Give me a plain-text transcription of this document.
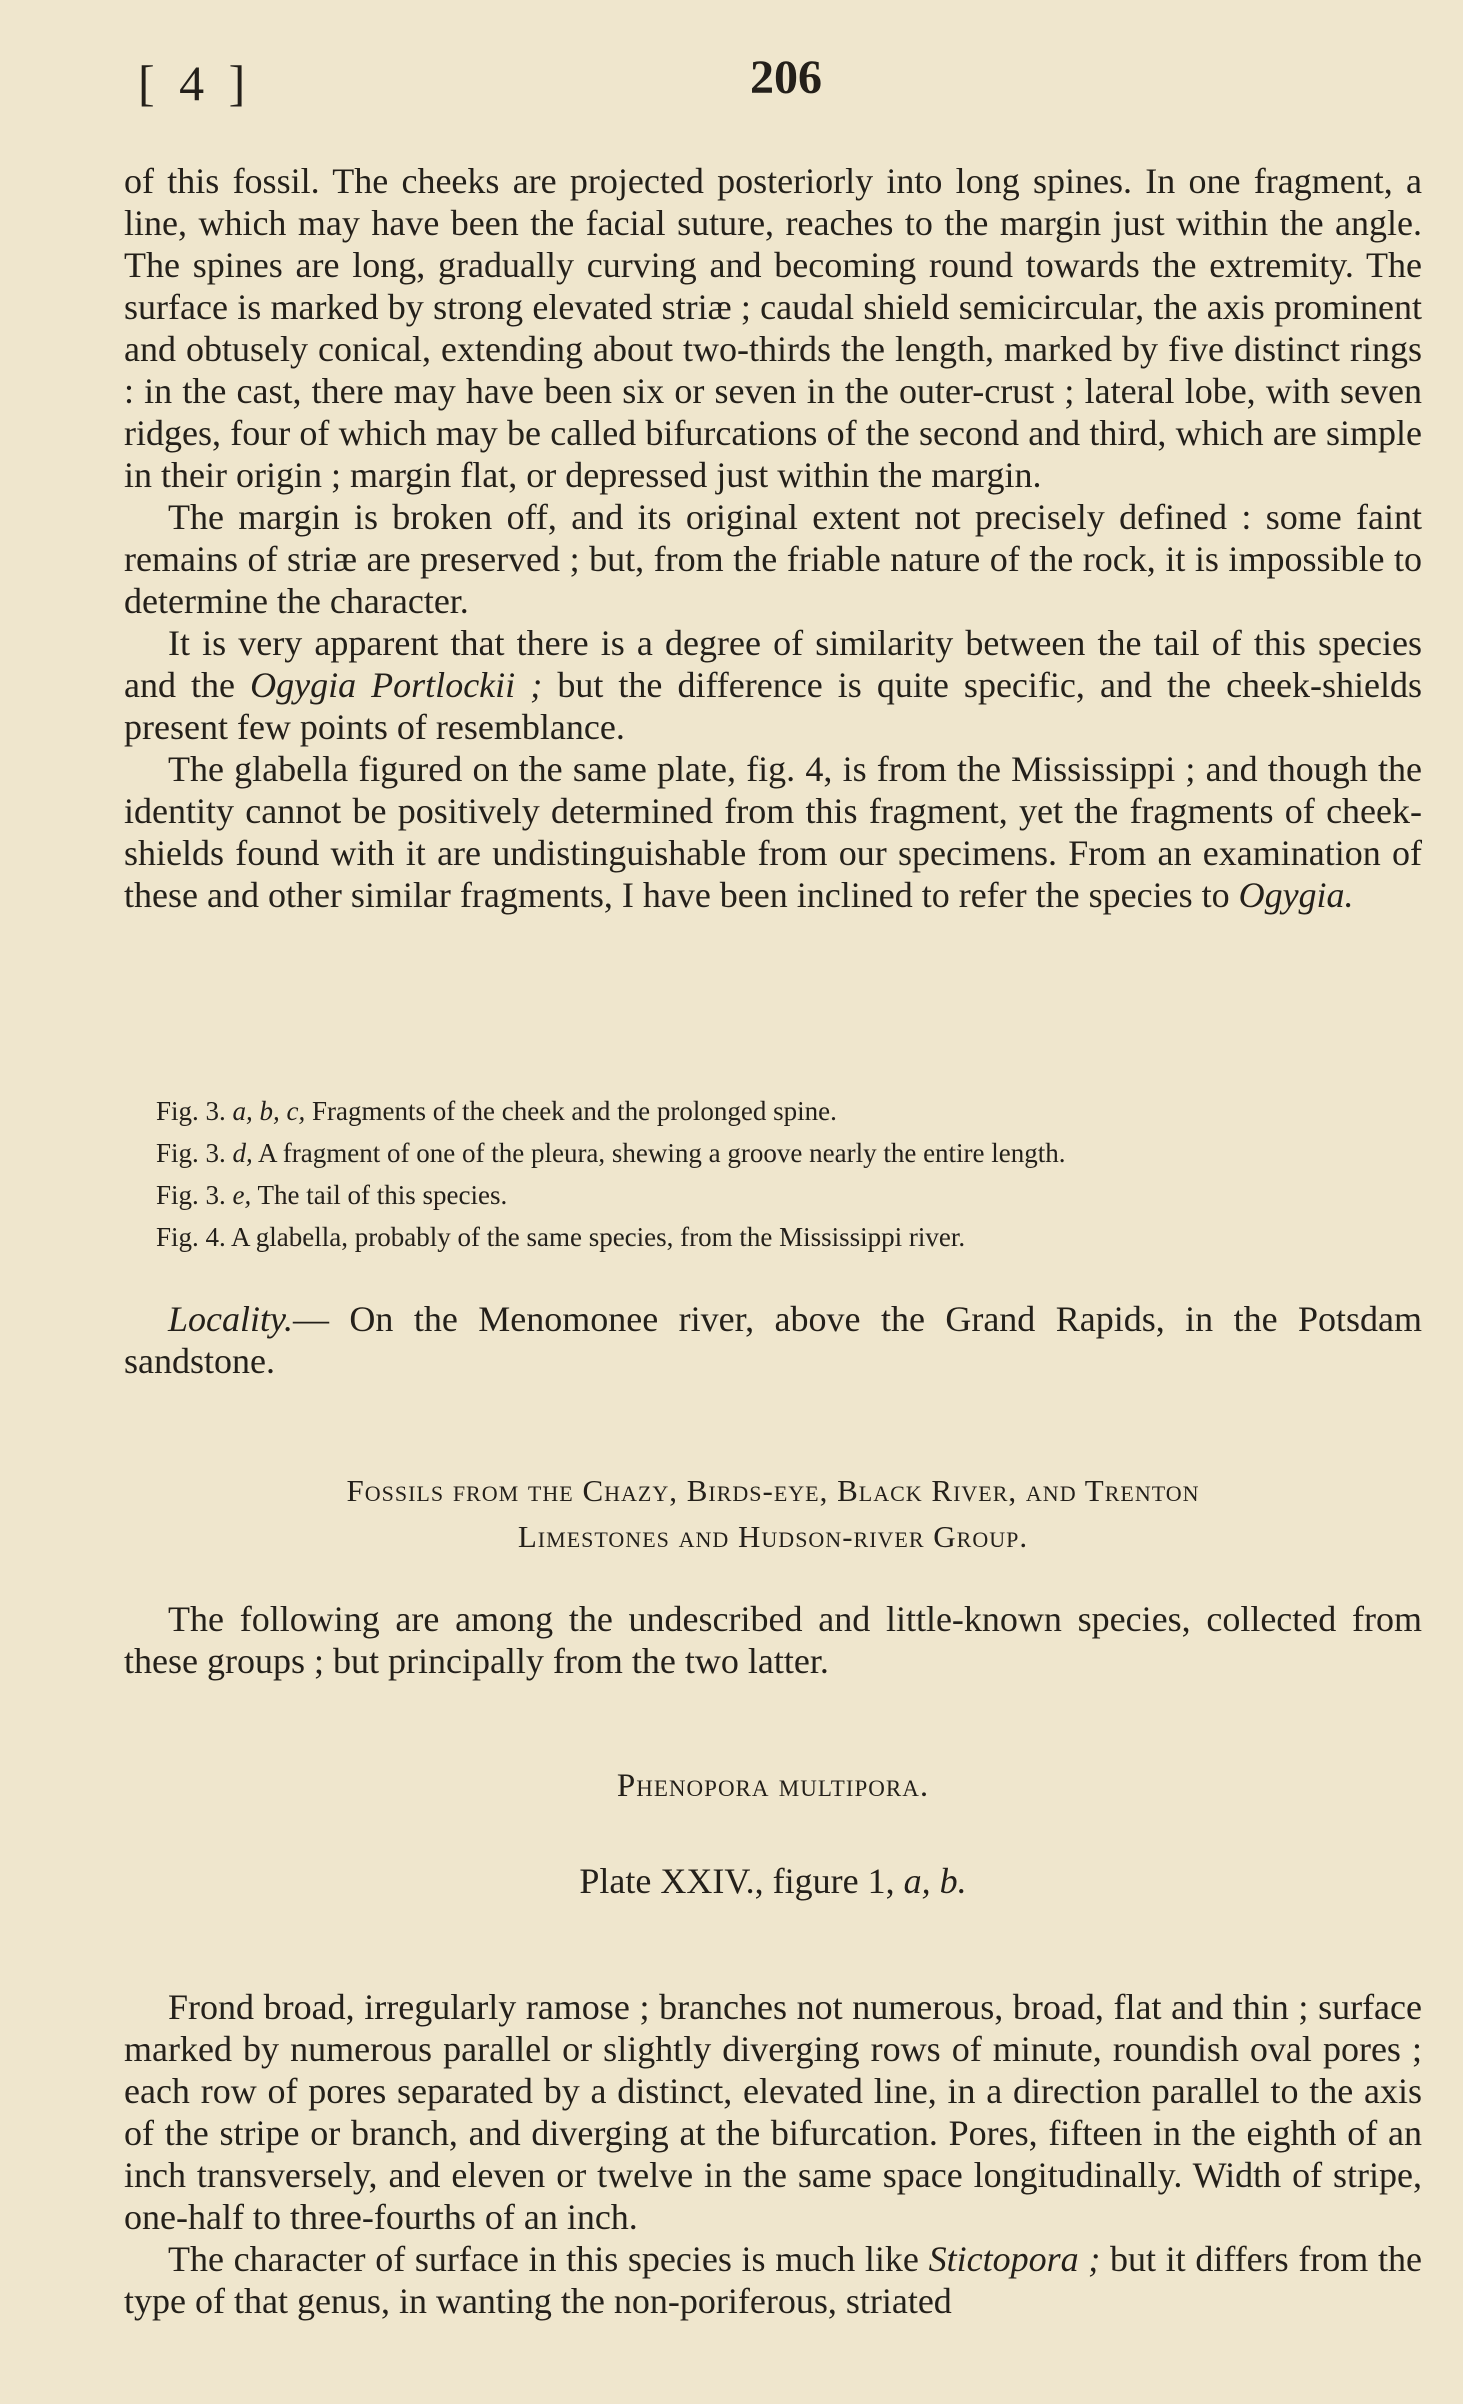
[ 4 ]	206

of this fossil. The cheeks are projected posteriorly into long spines. In one fragment, a line, which may have been the facial suture, reaches to the margin just within the angle. The spines are long, gradually curving and becoming round towards the extremity. The surface is marked by strong elevated striæ ; caudal shield semicircular, the axis prominent and obtusely conical, extending about two-thirds the length, marked by five distinct rings : in the cast, there may have been six or seven in the outer-crust ; lateral lobe, with seven ridges, four of which may be called bifurcations of the second and third, which are simple in their origin ; margin flat, or depressed just within the margin.

The margin is broken off, and its original extent not precisely defined : some faint remains of striæ are preserved ; but, from the friable nature of the rock, it is impossible to determine the character.

It is very apparent that there is a degree of similarity between the tail of this species and the Ogygia Portlockii ; but the difference is quite specific, and the cheek-shields present few points of resemblance.

The glabella figured on the same plate, fig. 4, is from the Mississippi ; and though the identity cannot be positively determined from this fragment, yet the fragments of cheek-shields found with it are undistinguishable from our specimens. From an examination of these and other similar fragments, I have been inclined to refer the species to Ogygia.

Fig. 3. a, b, c, Fragments of the cheek and the prolonged spine.

Fig. 3. d, A fragment of one of the pleura, shewing a groove nearly the entire length.

Fig. 3. e, The tail of this species.

Fig. 4. A glabella, probably of the same species, from the Mississippi river.

Locality.— On the Menomonee river, above the Grand Rapids, in the Potsdam sandstone.
Fossils from the Chazy, Birds-eye, Black River, and Trenton
Limestones and Hudson-river Group.
The following are among the undescribed and little-known species, collected from these groups ; but principally from the two latter.
Phenopora multipora.
Plate XXIV., figure 1, a, b.

Frond broad, irregularly ramose ; branches not numerous, broad, flat and thin ; surface marked by numerous parallel or slightly diverging rows of minute, roundish oval pores ; each row of pores separated by a distinct, elevated line, in a direction parallel to the axis of the stripe or branch, and diverging at the bifurcation. Pores, fifteen in the eighth of an inch transversely, and eleven or twelve in the same space longitudinally. Width of stripe, one-half to three-fourths of an inch.

The character of surface in this species is much like Stictopora ; but it differs from the type of that genus, in wanting the non-poriferous, striated
